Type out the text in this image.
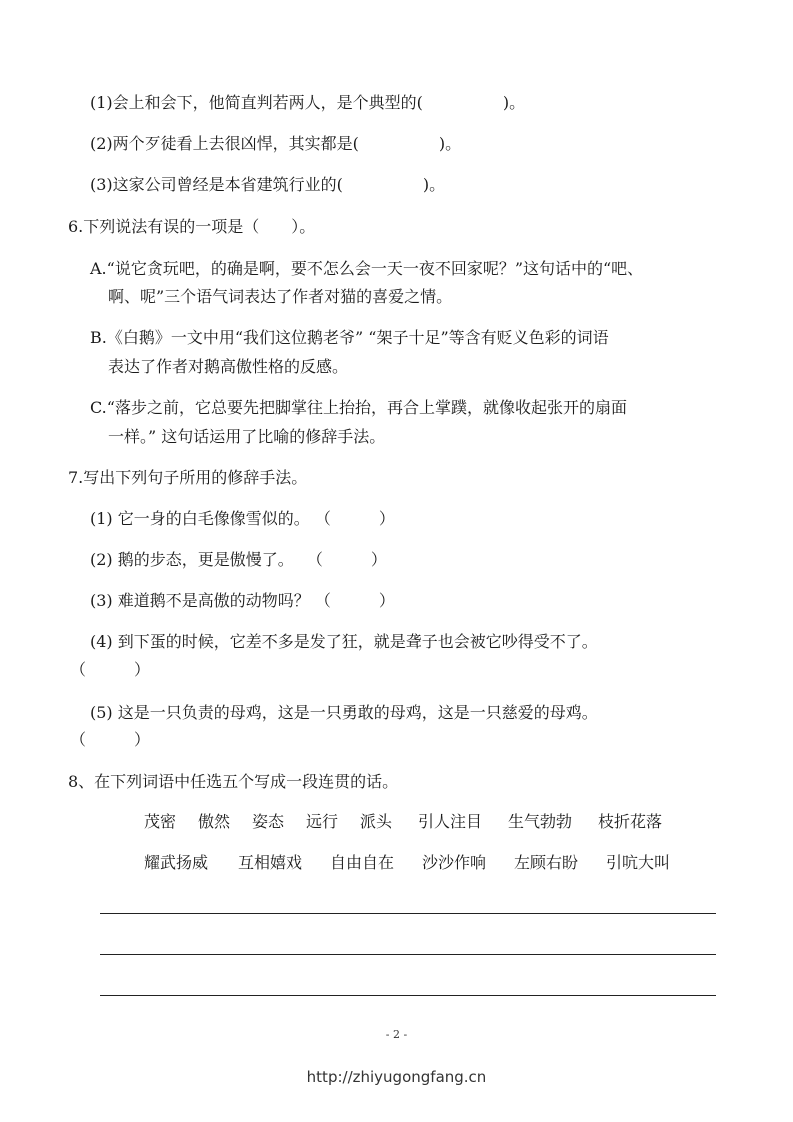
(1)会上和会下，他简直判若两人，是个典型的(　　　　　)。
(2)两个歹徒看上去很凶悍，其实都是(　　　　　)。
(3)这家公司曾经是本省建筑行业的(　　　　　)。
6.下列说法有误的一项是（　　）。
A.“说它贪玩吧，的确是啊，要不怎么会一天一夜不回家呢？”这句话中的“吧、
啊、呢”三个语气词表达了作者对猫的喜爱之情。
B.《白鹅》一文中用“我们这位鹅老爷” “架子十足”等含有贬义色彩的词语
表达了作者对鹅高傲性格的反感。
C.“落步之前，它总要先把脚掌往上抬抬，再合上掌蹼，就像收起张开的扇面
一样。” 这句话运用了比喻的修辞手法。
7.写出下列句子所用的修辞手法。
(1) 它一身的白毛像像雪似的。 （　　　）
(2) 鹅的步态，更是傲慢了。 　（　　　）
(3) 难道鹅不是高傲的动物吗？ （　　　）
(4) 到下蛋的时候，它差不多是发了狂，就是聋子也会被它吵得受不了。
（　　　）
(5) 这是一只负责的母鸡，这是一只勇敢的母鸡，这是一只慈爱的母鸡。
（　　　）
8、在下列词语中任选五个写成一段连贯的话。
茂密 傲然 姿态 远行 派头 引人注目 生气勃勃 枝折花落
耀武扬威 互相嬉戏 自由自在 沙沙作响 左顾右盼 引吭大叫
- 2 -
http://zhiyugongfang.cn
